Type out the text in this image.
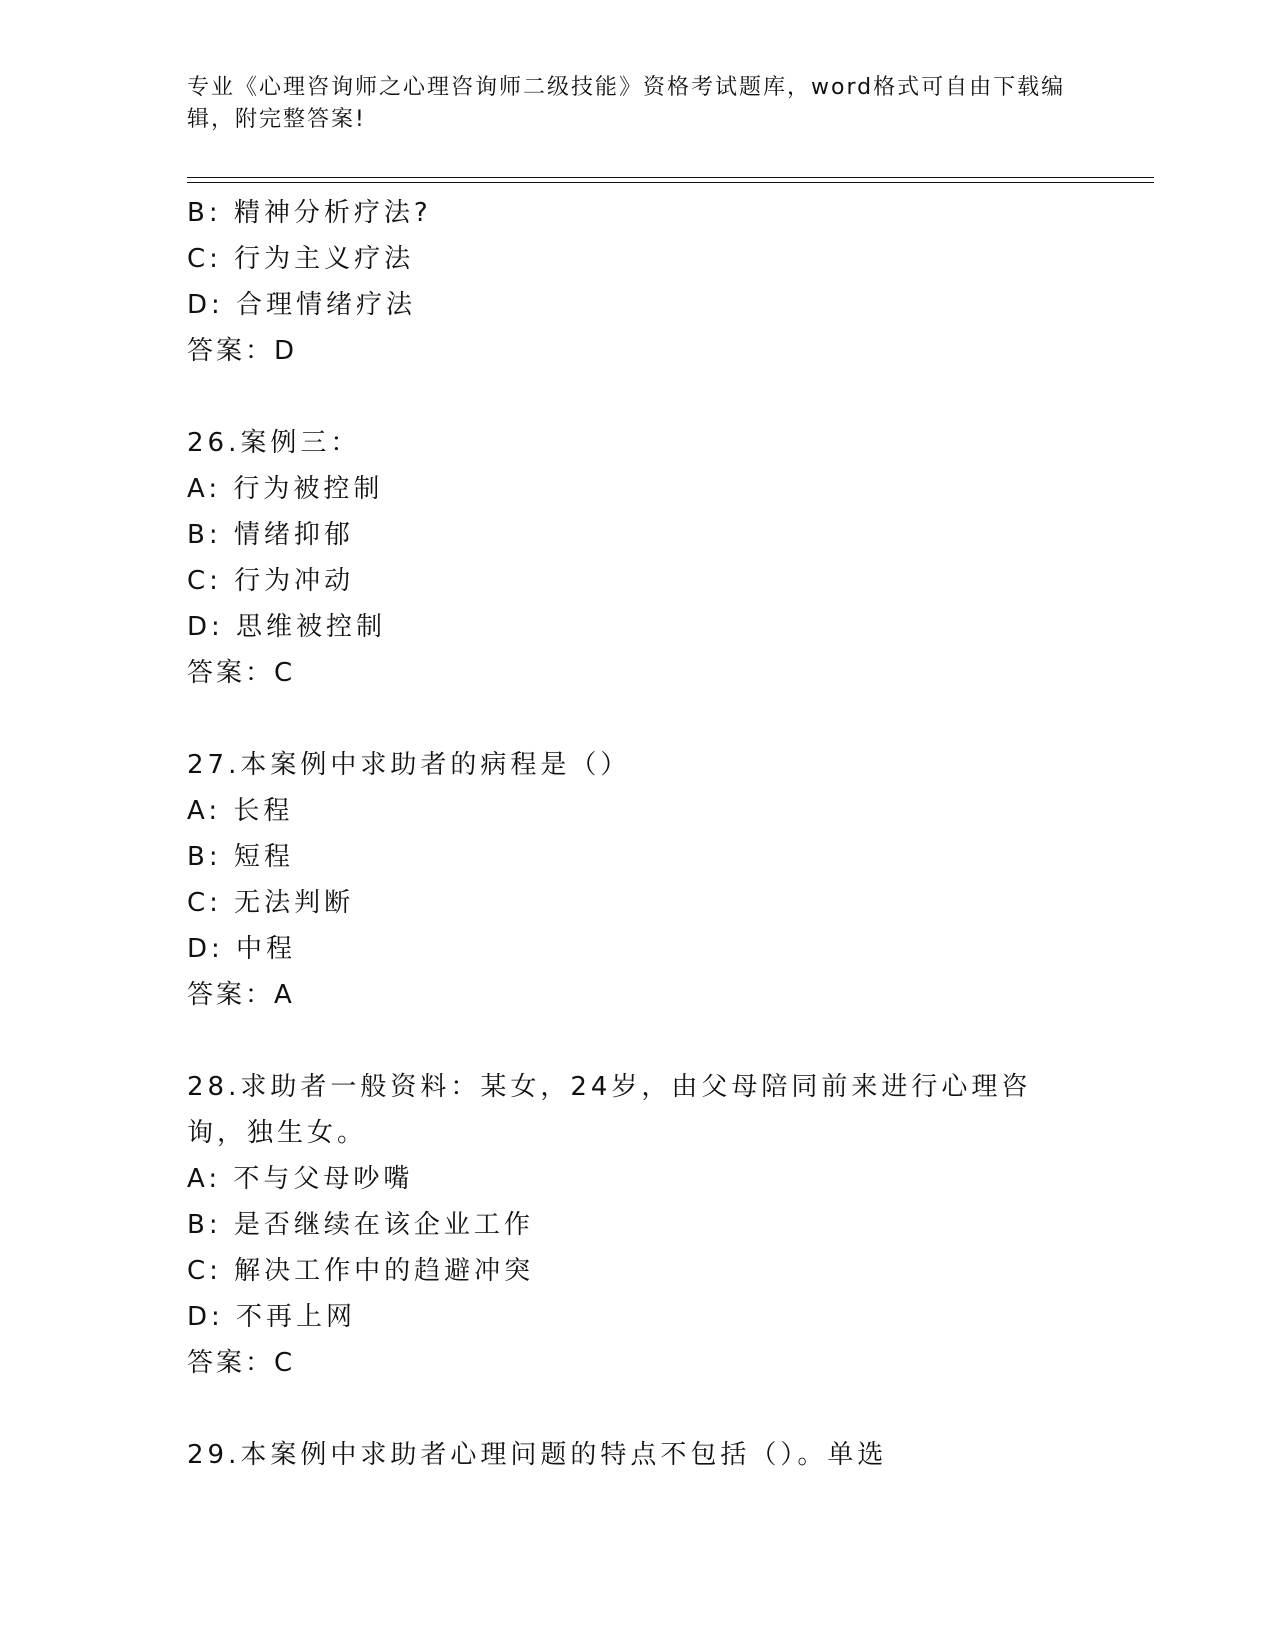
专业《心理咨询师之心理咨询师二级技能》资格考试题库，word格式可自由下载编辑，附完整答案!
B: 精神分析疗法?
C: 行为主义疗法
D: 合理情绪疗法
答案：D
26.案例三：
A: 行为被控制
B: 情绪抑郁
C: 行为冲动
D: 思维被控制
答案：C
27.本案例中求助者的病程是（）
A: 长程
B: 短程
C: 无法判断
D: 中程
答案：A
28.求助者一般资料：某女，24岁，由父母陪同前来进行心理咨询，独生女。
A: 不与父母吵嘴
B: 是否继续在该企业工作
C: 解决工作中的趋避冲突
D: 不再上网
答案：C
29.本案例中求助者心理问题的特点不包括（）。单选
